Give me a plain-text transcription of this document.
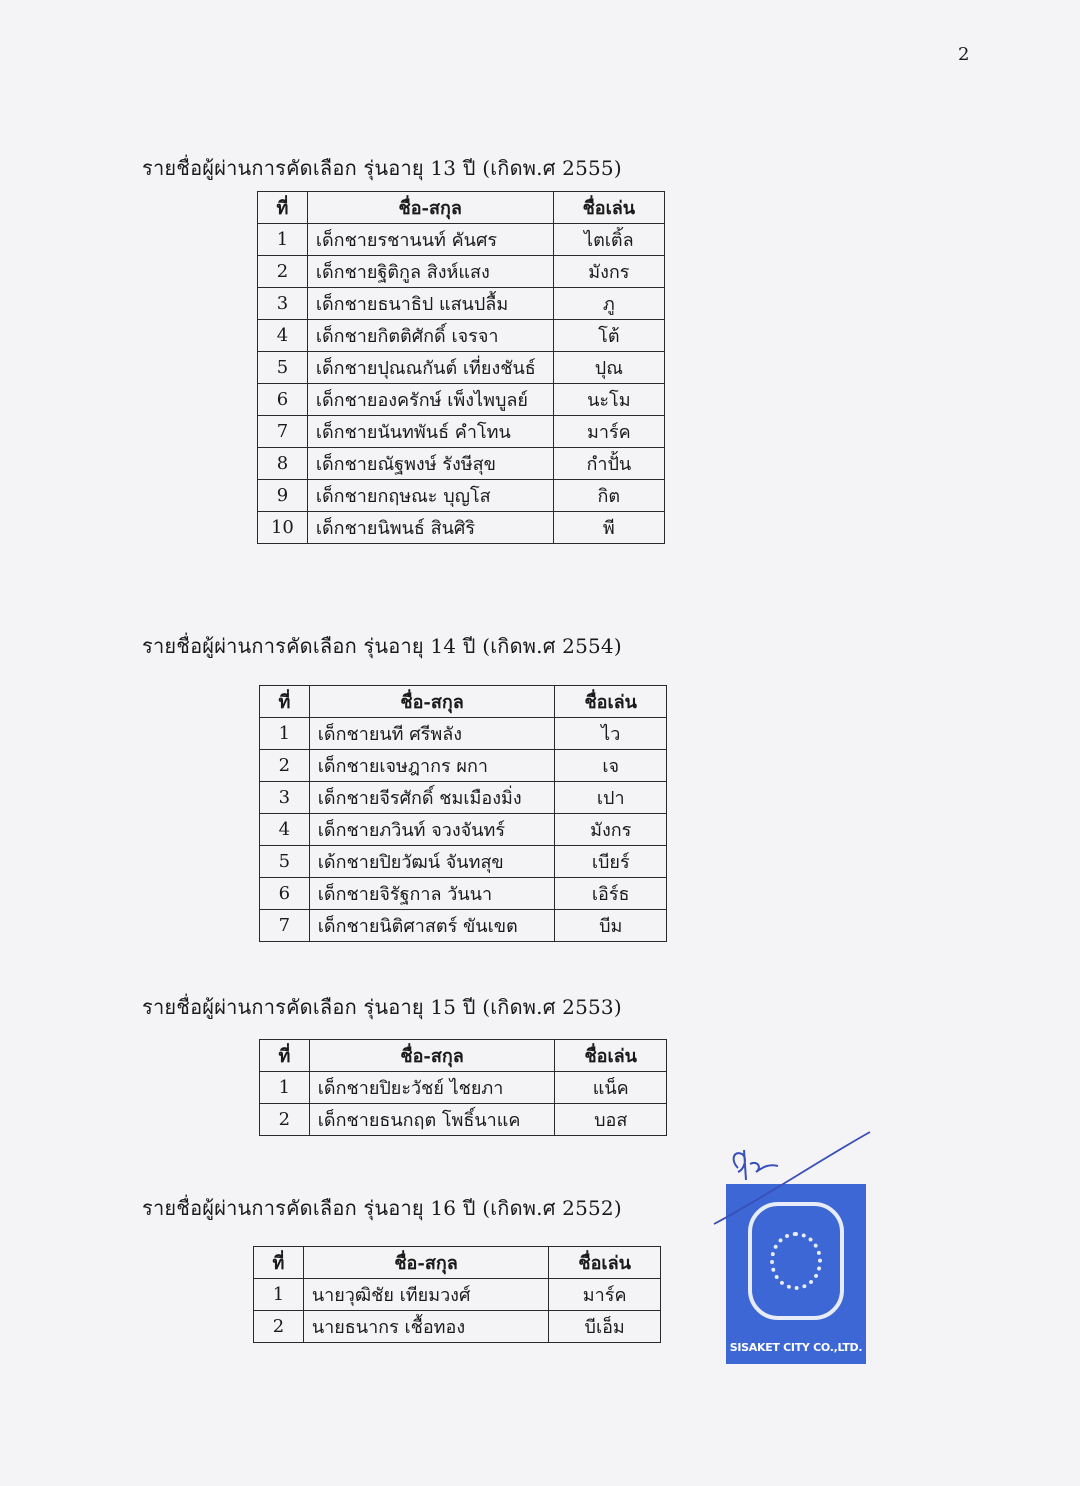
2
รายชื่อผู้ผ่านการคัดเลือก รุ่นอายุ 13 ปี (เกิดพ.ศ 2555)
ที่	ชื่อ-สกุล	ชื่อเล่น
1	เด็กชายรชานนท์ คันศร	ไตเติ้ล
2	เด็กชายฐิติกูล สิงห์แสง	มังกร
3	เด็กชายธนาธิป แสนปลื้ม	ภู
4	เด็กชายกิตติศักดิ์ เจรจา	โต้
5	เด็กชายปุณณกันต์ เที่ยงชันธ์	ปุณ
6	เด็กชายองครักษ์ เพ็งไพบูลย์	นะโม
7	เด็กชายนันทพันธ์ คำโทน	มาร์ค
8	เด็กชายณัฐพงษ์ รังษีสุข	กำปั้น
9	เด็กชายกฤษณะ บุญโส	กิต
10	เด็กชายนิพนธ์ สินศิริ	พี
รายชื่อผู้ผ่านการคัดเลือก รุ่นอายุ 14 ปี (เกิดพ.ศ 2554)
ที่	ชื่อ-สกุล	ชื่อเล่น
1	เด็กชายนที ศรีพลัง	ไว
2	เด็กชายเจษฎากร ผกา	เจ
3	เด็กชายจีรศักดิ์ ชมเมืองมิ่ง	เปา
4	เด็กชายภวินท์ จวงจันทร์	มังกร
5	เด้กชายปิยวัฒน์ จันทสุข	เบียร์
6	เด็กชายจิรัฐกาล วันนา	เอิร์ธ
7	เด็กชายนิติศาสตร์ ขันเขต	บีม
รายชื่อผู้ผ่านการคัดเลือก รุ่นอายุ 15 ปี (เกิดพ.ศ 2553)
ที่	ชื่อ-สกุล	ชื่อเล่น
1	เด็กชายปิยะวัชย์ ไชยภา	แน็ค
2	เด็กชายธนกฤต โพธิ์นาแค	บอส
รายชื่อผู้ผ่านการคัดเลือก รุ่นอายุ 16 ปี (เกิดพ.ศ 2552)
ที่	ชื่อ-สกุล	ชื่อเล่น
1	นายวุฒิชัย เทียมวงศ์	มาร์ค
2	นายธนากร เชื้อทอง	บีเอ็ม
SISAKET CITY CO.,LTD.
